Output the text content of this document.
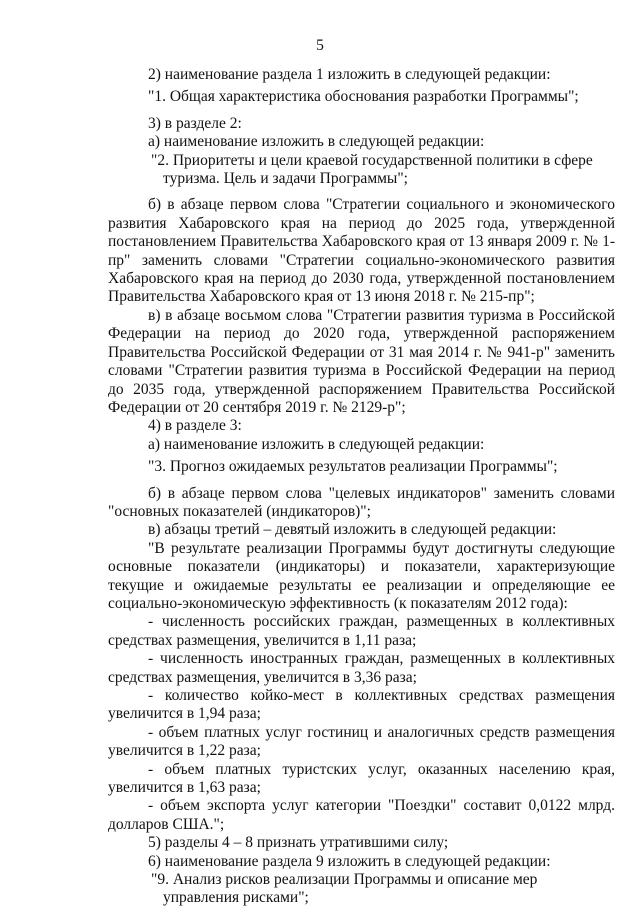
5

2) наименование раздела 1 изложить в следующей редакции:

"1. Общая характеристика обоснования разработки Программы";

3) в разделе 2:

а) наименование изложить в следующей редакции:

"2. Приоритеты и цели краевой государственной политики в сфере туризма. Цель и задачи Программы";

б) в абзаце первом слова "Стратегии социального и экономического развития Хабаровского края на период до 2025 года, утвержденной постановлением Правительства Хабаровского края от 13 января 2009 г. № 1-пр" заменить словами "Стратегии социально-экономического развития Хабаровского края на период до 2030 года, утвержденной постановлением Правительства Хабаровского края от 13 июня 2018 г. № 215-пр";

в) в абзаце восьмом слова "Стратегии развития туризма в Российской Федерации на период до 2020 года, утвержденной распоряжением Правительства Российской Федерации от 31 мая 2014 г. № 941-р" заменить словами "Стратегии развития туризма в Российской Федерации на период до 2035 года, утвержденной распоряжением Правительства Российской Федерации от 20 сентября 2019 г. № 2129-р";

4) в разделе 3:

а) наименование изложить в следующей редакции:

"3. Прогноз ожидаемых результатов реализации Программы";

б) в абзаце первом слова "целевых индикаторов" заменить словами "основных показателей (индикаторов)";

в) абзацы третий – девятый изложить в следующей редакции:

"В результате реализации Программы будут достигнуты следующие основные показатели (индикаторы) и показатели, характеризующие текущие и ожидаемые результаты ее реализации и определяющие ее социально-экономическую эффективность (к показателям 2012 года):

- численность российских граждан, размещенных в коллективных средствах размещения, увеличится в 1,11 раза;

- численность иностранных граждан, размещенных в коллективных средствах размещения, увеличится в 3,36 раза;

- количество койко-мест в коллективных средствах размещения увеличится в 1,94 раза;

- объем платных услуг гостиниц и аналогичных средств размещения увеличится в 1,22 раза;

- объем платных туристских услуг, оказанных населению края, увеличится в 1,63 раза;

- объем экспорта услуг категории "Поездки" составит 0,0122 млрд. долларов США.";

5) разделы 4 – 8 признать утратившими силу;

6) наименование раздела 9 изложить в следующей редакции:

"9. Анализ рисков реализации Программы и описание мер управления рисками";
